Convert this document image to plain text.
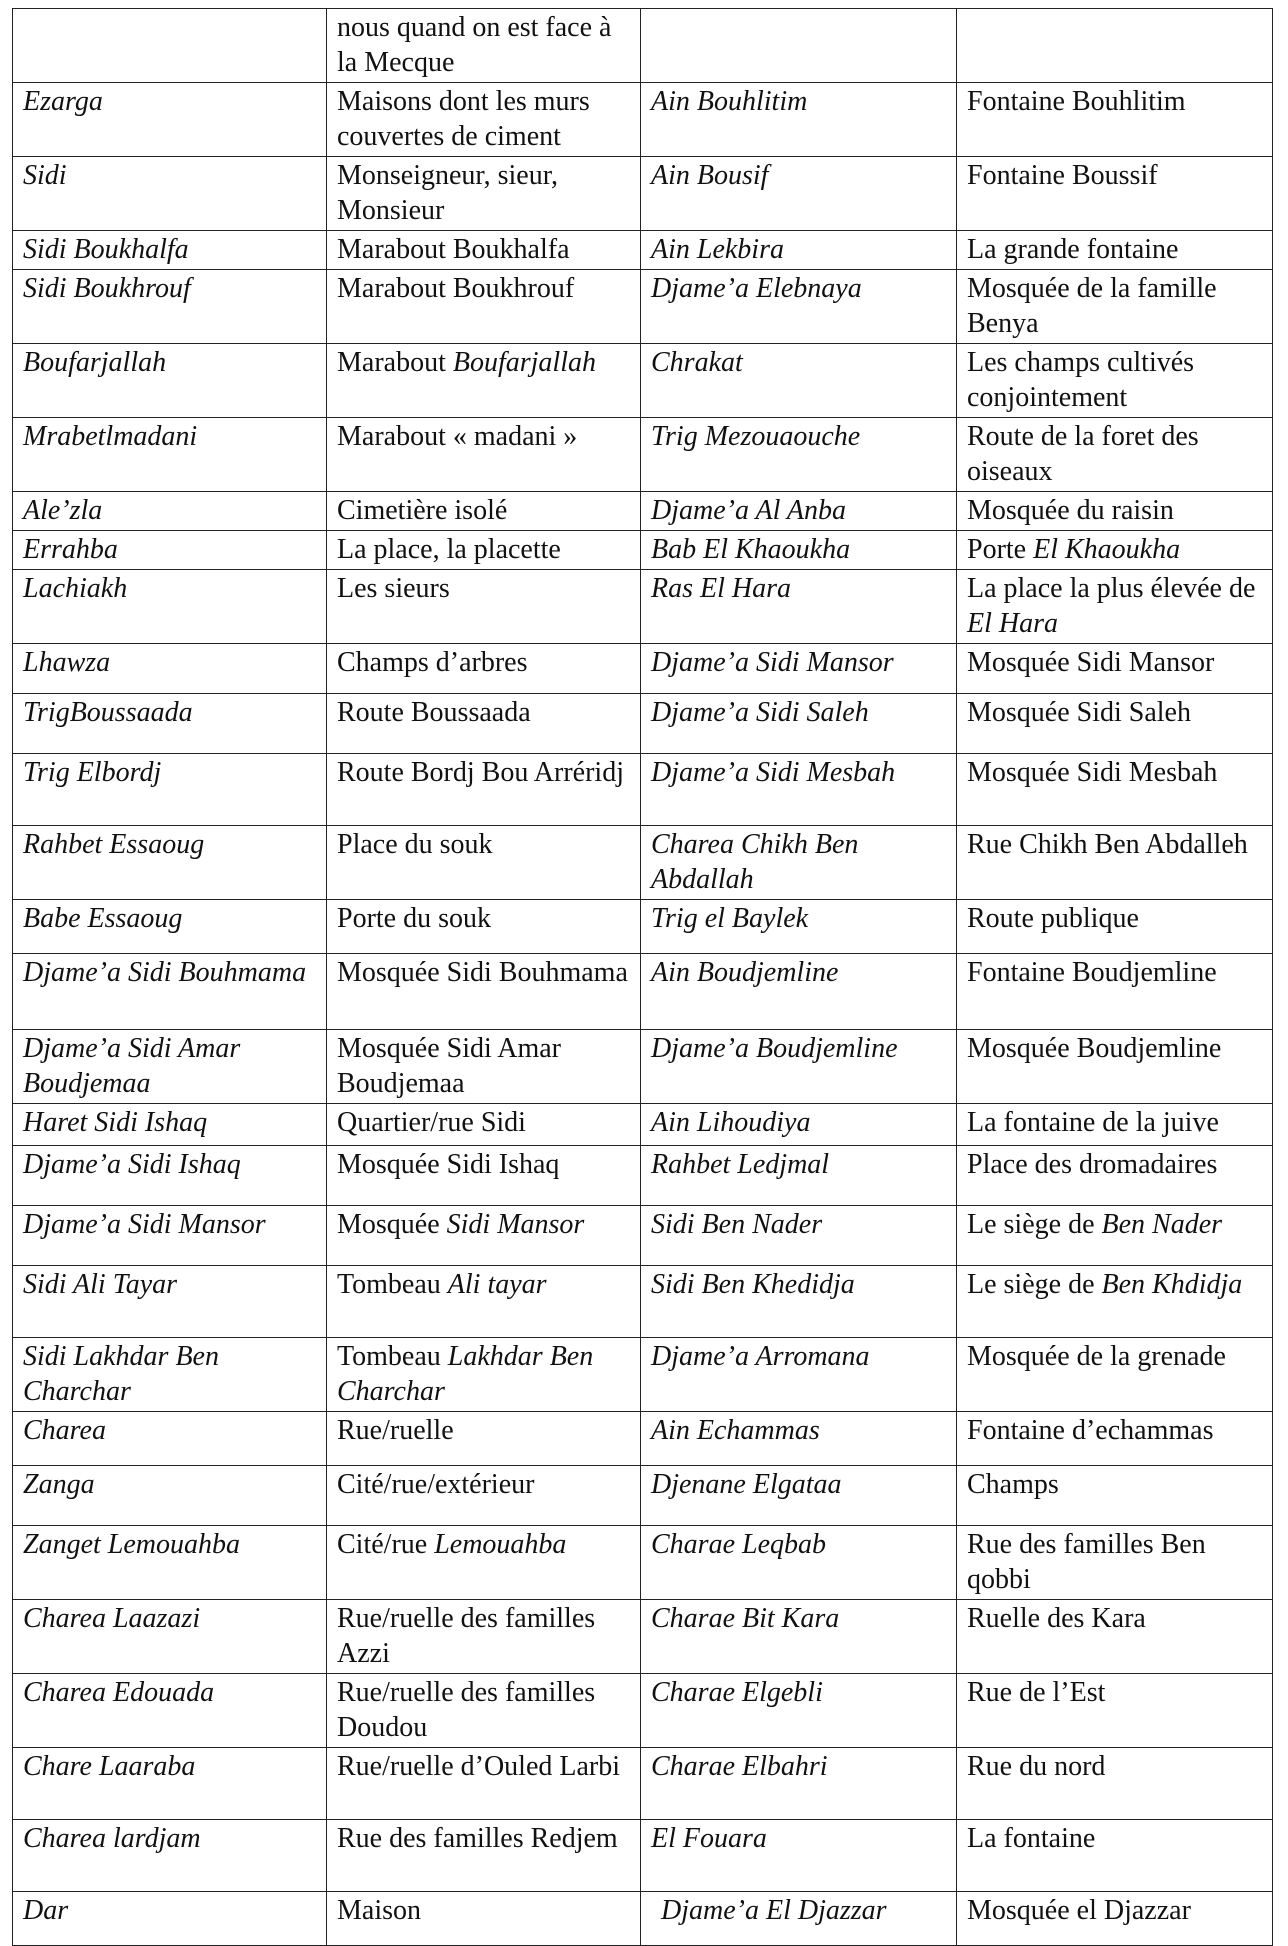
	nous quand on est face à la Mecque		
Ezarga	Maisons dont les murs couvertes de ciment	Ain Bouhlitim	Fontaine Bouhlitim
Sidi	Monseigneur, sieur, Monsieur	Ain Bousif	Fontaine Boussif
Sidi Boukhalfa	Marabout Boukhalfa	Ain Lekbira	La grande fontaine
Sidi Boukhrouf	Marabout Boukhrouf	Djame’a Elebnaya	Mosquée de la famille Benya
Boufarjallah	Marabout Boufarjallah	Chrakat	Les champs cultivés conjointement
Mrabetlmadani	Marabout « madani »	Trig Mezouaouche	Route de la foret des oiseaux
Ale’zla	Cimetière isolé	Djame’a Al Anba	Mosquée du raisin
Errahba	La place, la placette	Bab El Khaoukha	Porte El Khaoukha
Lachiakh	Les sieurs	Ras El Hara	La place la plus élevée de El Hara
Lhawza	Champs d’arbres	Djame’a Sidi Mansor	Mosquée Sidi Mansor
TrigBoussaada	Route Boussaada	Djame’a Sidi Saleh	Mosquée Sidi Saleh
Trig Elbordj	Route Bordj Bou Arréridj	Djame’a Sidi Mesbah	Mosquée Sidi Mesbah
Rahbet Essaoug	Place du souk	Charea Chikh Ben Abdallah	Rue Chikh Ben Abdalleh
Babe Essaoug	Porte du souk	Trig el Baylek	Route publique
Djame’a Sidi Bouhmama	Mosquée Sidi Bouhmama	Ain Boudjemline	Fontaine Boudjemline
Djame’a Sidi Amar Boudjemaa	Mosquée Sidi Amar Boudjemaa	Djame’a Boudjemline	Mosquée Boudjemline
Haret Sidi Ishaq	Quartier/rue Sidi	Ain Lihoudiya	La fontaine de la juive
Djame’a Sidi Ishaq	Mosquée Sidi Ishaq	Rahbet Ledjmal	Place des dromadaires
Djame’a Sidi Mansor	Mosquée Sidi Mansor	Sidi Ben Nader	Le siège de Ben Nader
Sidi Ali Tayar	Tombeau Ali tayar	Sidi Ben Khedidja	Le siège de Ben Khdidja
Sidi Lakhdar Ben Charchar	Tombeau Lakhdar Ben Charchar	Djame’a Arromana	Mosquée de la grenade
Charea	Rue/ruelle	Ain Echammas	Fontaine d’echammas
Zanga	Cité/rue/extérieur	Djenane Elgataa	Champs
Zanget Lemouahba	Cité/rue Lemouahba	Charae Leqbab	Rue des familles Ben qobbi
Charea Laazazi	Rue/ruelle des familles Azzi	Charae Bit Kara	Ruelle des Kara
Charea Edouada	Rue/ruelle des familles Doudou	Charae Elgebli	Rue de l’Est
Chare Laaraba	Rue/ruelle d’Ouled Larbi	Charae Elbahri	Rue du nord
Charea lardjam	Rue des familles Redjem	El Fouara	La fontaine
Dar	Maison	Djame’a El Djazzar	Mosquée el Djazzar
